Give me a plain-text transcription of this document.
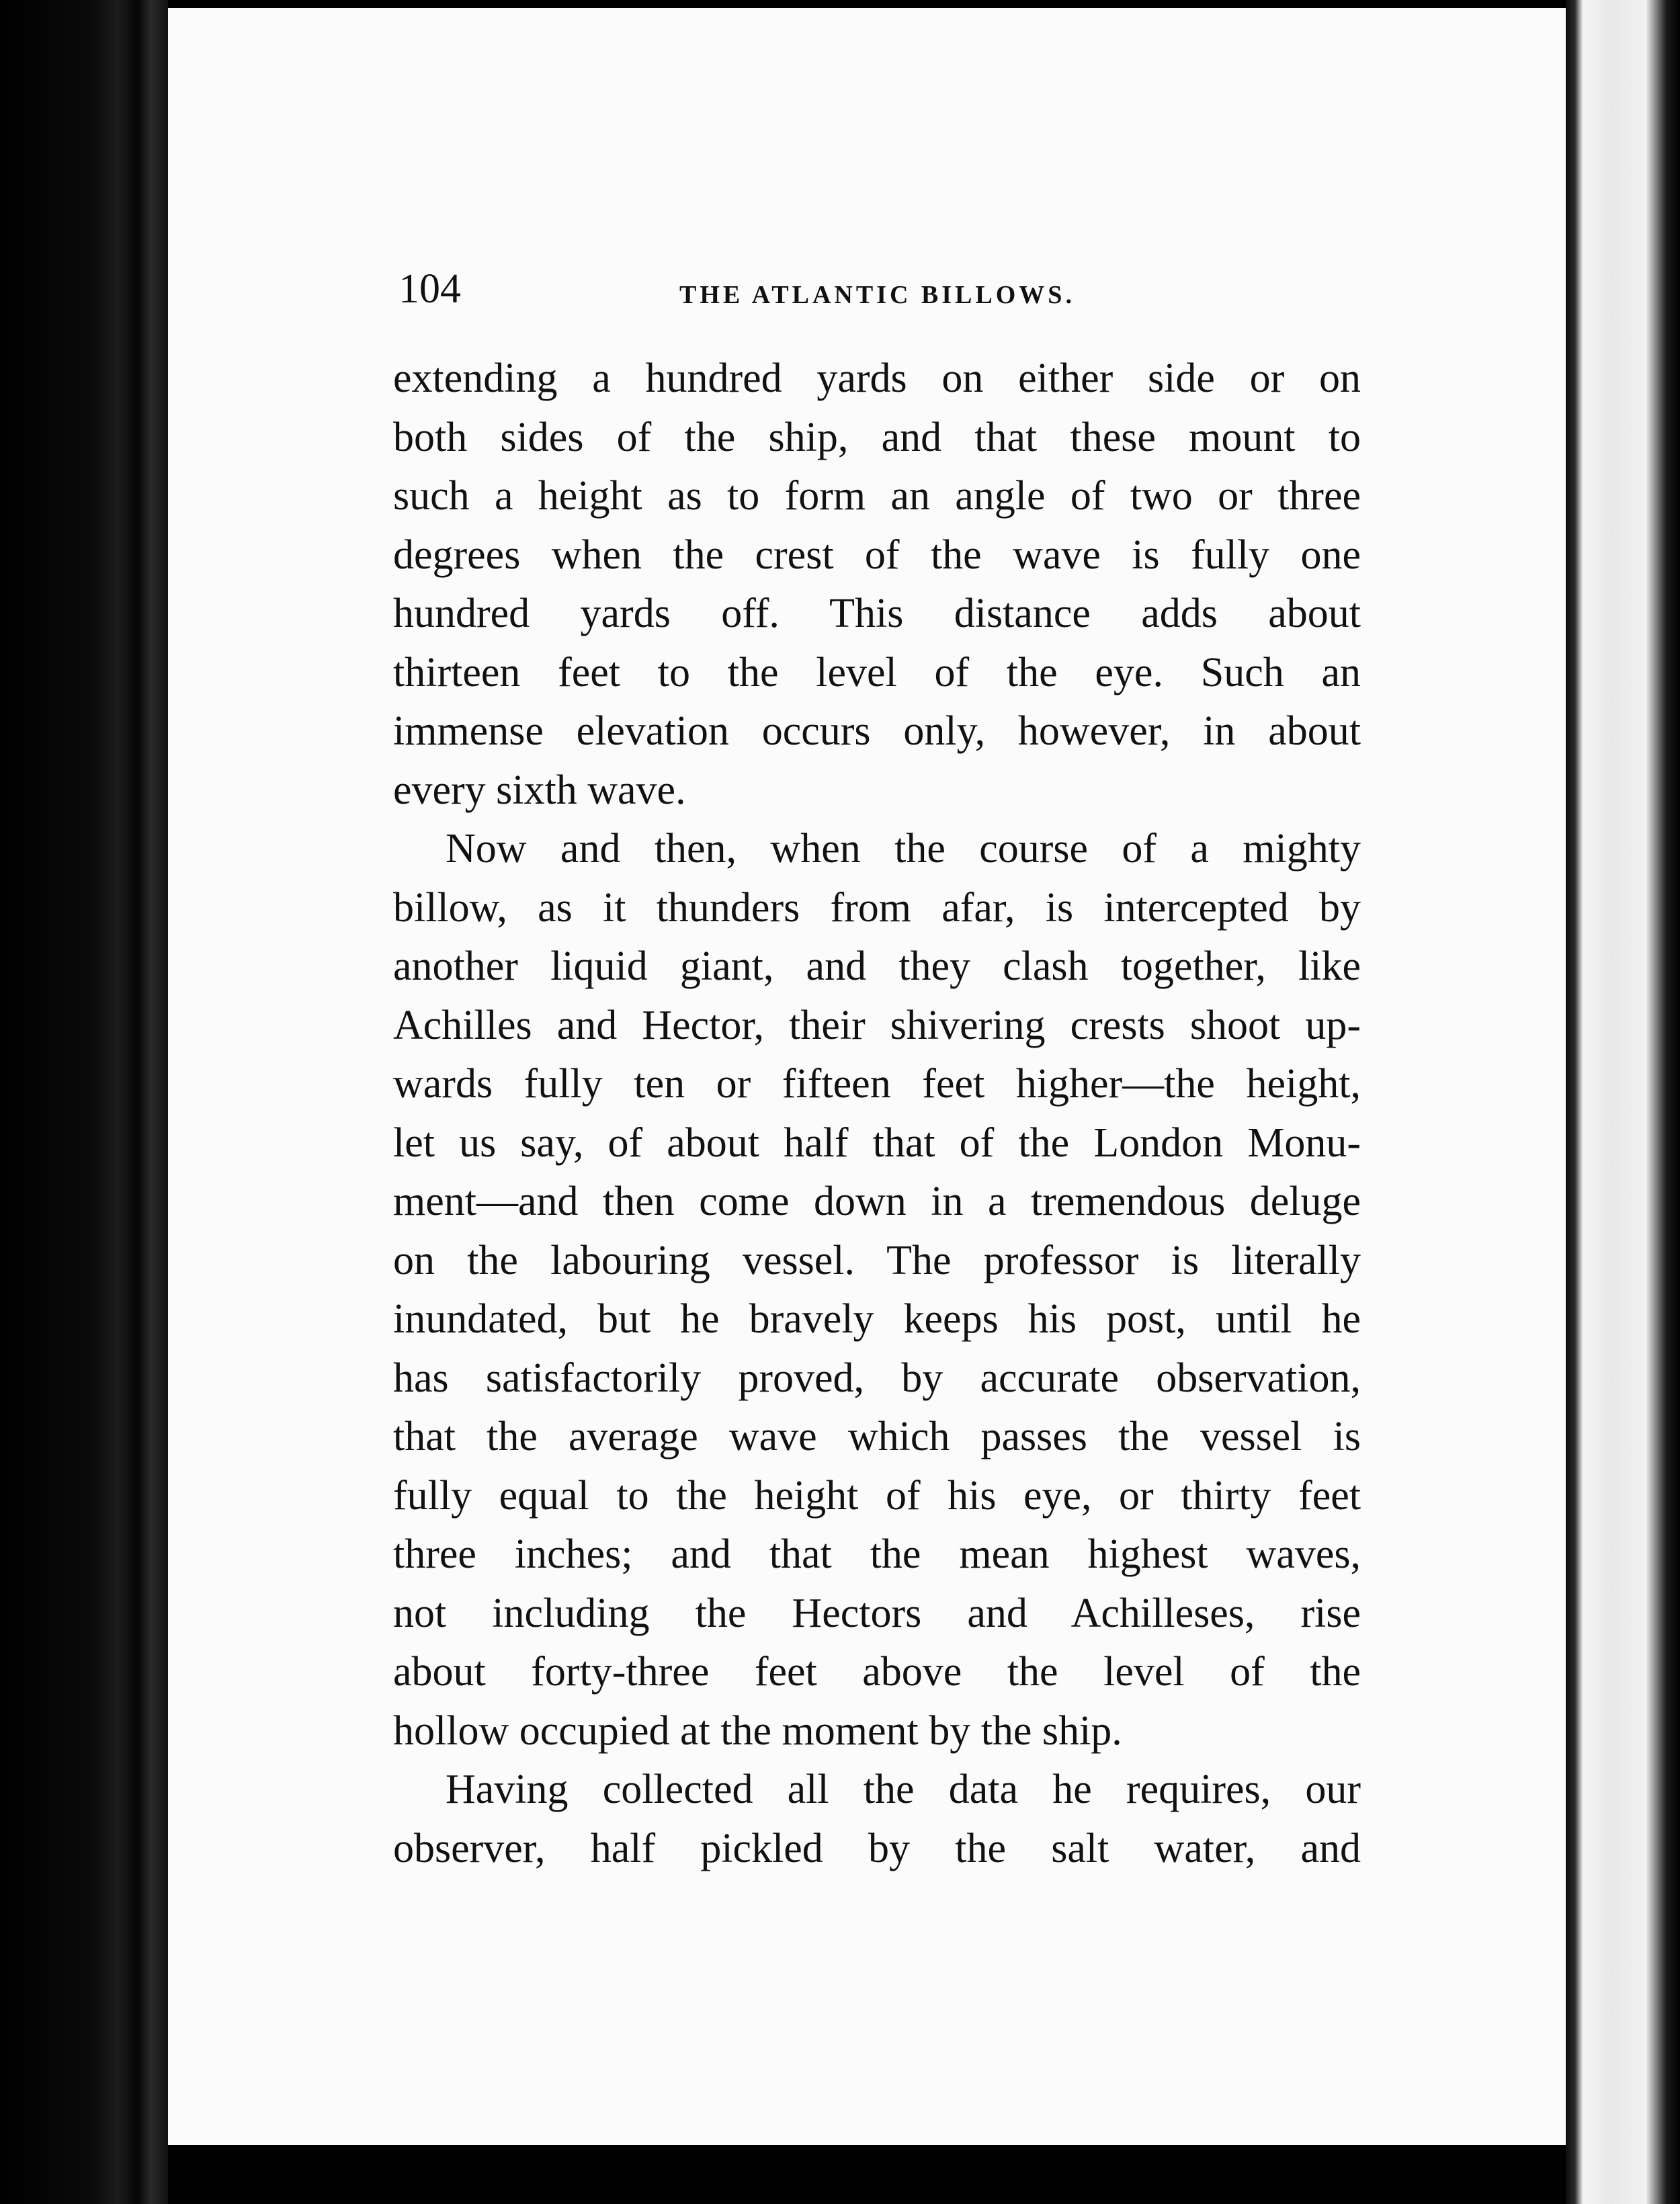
104	THE ATLANTIC BILLOWS.
extending a hundred yards on either side or on
both sides of the ship, and that these mount to
such a height as to form an angle of two or three
degrees when the crest of the wave is fully one
hundred yards off. This distance adds about
thirteen feet to the level of the eye. Such an
immense elevation occurs only, however, in about
every sixth wave.
Now and then, when the course of a mighty
billow, as it thunders from afar, is intercepted by
another liquid giant, and they clash together, like
Achilles and Hector, their shivering crests shoot up-
wards fully ten or fifteen feet higher—the height,
let us say, of about half that of the London Monu-
ment—and then come down in a tremendous deluge
on the labouring vessel. The professor is literally
inundated, but he bravely keeps his post, until he
has satisfactorily proved, by accurate observation,
that the average wave which passes the vessel is
fully equal to the height of his eye, or thirty feet
three inches; and that the mean highest waves,
not including the Hectors and Achilleses, rise
about forty-three feet above the level of the
hollow occupied at the moment by the ship.
Having collected all the data he requires, our
observer, half pickled by the salt water, and
